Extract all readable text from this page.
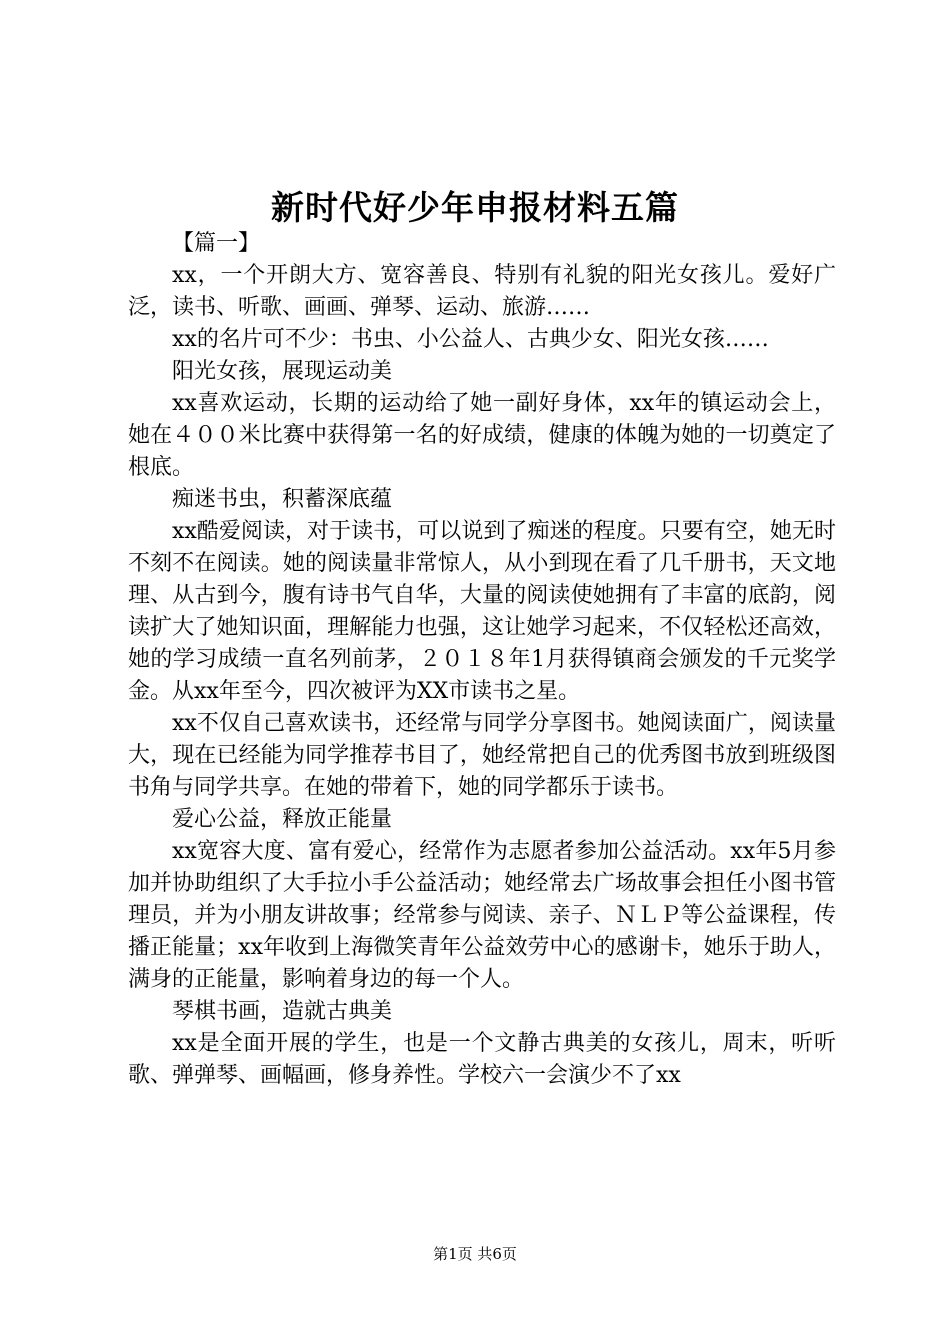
新时代好少年申报材料五篇

【篇一】

xx，一个开朗大方、宽容善良、特别有礼貌的阳光女孩儿。爱好广泛，读书、听歌、画画、弹琴、运动、旅游……

xx的名片可不少：书虫、小公益人、古典少女、阳光女孩……

阳光女孩，展现运动美

xx喜欢运动，长期的运动给了她一副好身体，xx年的镇运动会上，她在４００米比赛中获得第一名的好成绩，健康的体魄为她的一切奠定了根底。

痴迷书虫，积蓄深底蕴

xx酷爱阅读，对于读书，可以说到了痴迷的程度。只要有空，她无时不刻不在阅读。她的阅读量非常惊人，从小到现在看了几千册书，天文地理、从古到今，腹有诗书气自华，大量的阅读使她拥有了丰富的底韵，阅读扩大了她知识面，理解能力也强，这让她学习起来，不仅轻松还高效，她的学习成绩一直名列前茅，２０１８年1月获得镇商会颁发的千元奖学金。从xx年至今，四次被评为XX市读书之星。

xx不仅自己喜欢读书，还经常与同学分享图书。她阅读面广，阅读量大，现在已经能为同学推荐书目了，她经常把自己的优秀图书放到班级图书角与同学共享。在她的带着下，她的同学都乐于读书。

爱心公益，释放正能量

xx宽容大度、富有爱心，经常作为志愿者参加公益活动。xx年5月参加并协助组织了大手拉小手公益活动；她经常去广场故事会担任小图书管理员，并为小朋友讲故事；经常参与阅读、亲子、ＮＬＰ等公益课程，传播正能量；xx年收到上海微笑青年公益效劳中心的感谢卡，她乐于助人，满身的正能量，影响着身边的每一个人。

琴棋书画，造就古典美

xx是全面开展的学生，也是一个文静古典美的女孩儿，周末，听听歌、弹弹琴、画幅画，修身养性。学校六一会演少不了xx

第1页 共6页
